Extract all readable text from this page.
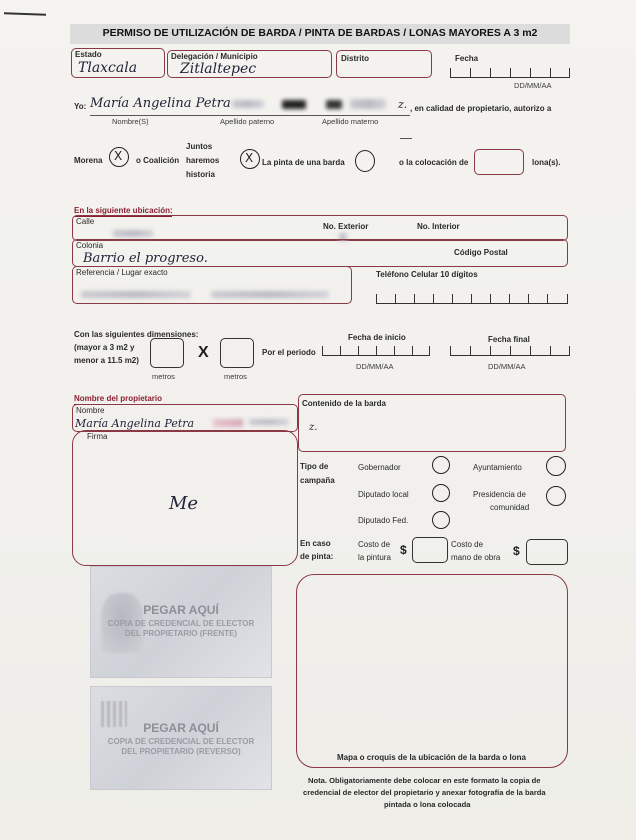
PERMISO DE UTILIZACIÓN DE BARDA / PINTA DE BARDAS / LONAS MAYORES A 3 m2
Estado
Tlaxcala
Delegación / Municipio
Zitlaltepec
Distrito	Fecha
DD/MM/AA
Yo: María Angelina Petra	z. , en calidad de propietario, autorizo a
Nombre(S)	Apellido paterno	Apellido materno
Morena X o Coalición
Juntos
haremos
historia
X La pinta de una barda	o la colocación de	lona(s).
En la siguiente ubicación:
Calle
No. Exterior	No. Interior
Colonia
Barrio el progreso.	Código Postal
Referencia / Lugar exacto	Teléfono Celular 10 dígitos
Con las siguientes dimensiones:
(mayor a 3 m2 y
menor a 11.5 m2)
metros
X
metros
Por el periodo
Fecha de inicio
DD/MM/AA
Fecha final
DD/MM/AA
Nombre del propietario
Nombre
María Angelina Petra
Contenido de la barda
z.
Firma
Me
Tipo de
campaña
Gobernador	Ayuntamiento
Diputado local	Presidencia de
comunidad
Diputado Fed.
En caso
de pinta:
Costo de
la pintura
$	Costo de
mano de obra $
PEGAR AQUÍ
COPIA DE CREDENCIAL DE ELECTOR
DEL PROPIETARIO (FRENTE)
PEGAR AQUÍ
COPIA DE CREDENCIAL DE ELECTOR
DEL PROPIETARIO (REVERSO)
Mapa o croquis de la ubicación de la barda o lona
Nota. Obligatoriamente debe colocar en este formato la copia de
credencial de elector del propietario y anexar fotografía de la barda
pintada o lona colocada
